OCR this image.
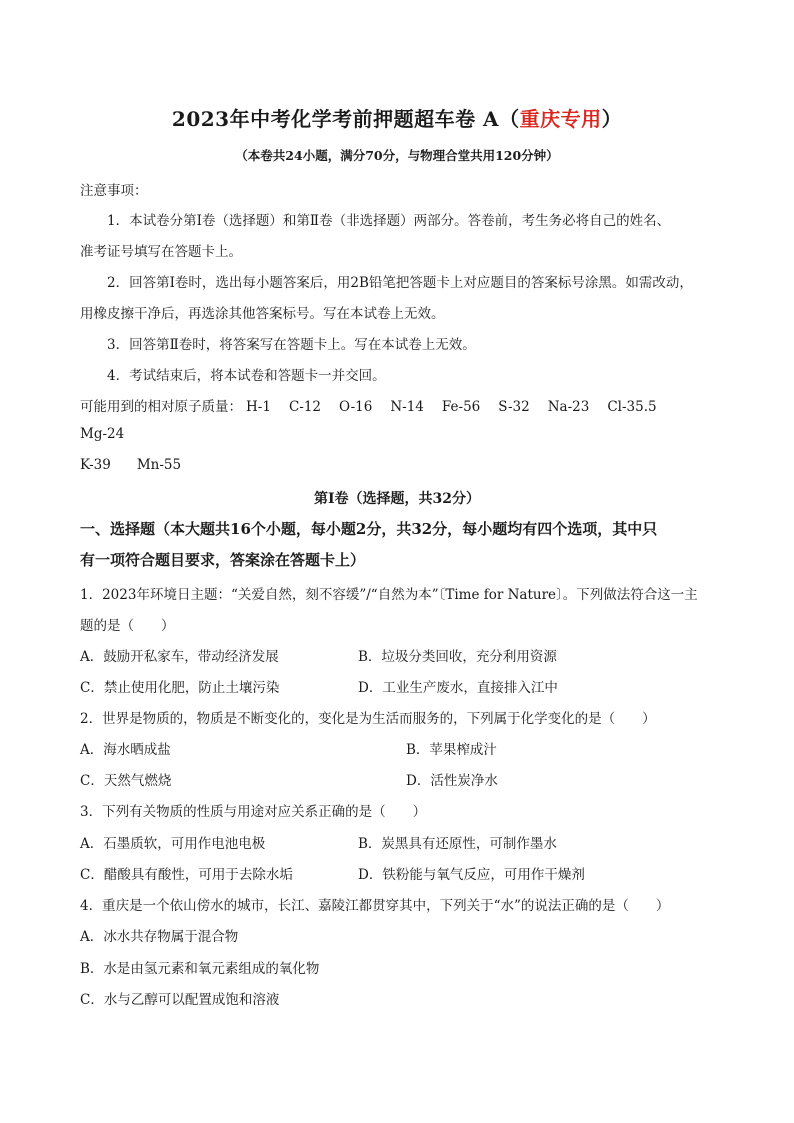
2023年中考化学考前押题超车卷 A（重庆专用）
（本卷共24小题，满分70分，与物理合堂共用120分钟）
注意事项：
1．本试卷分第Ⅰ卷（选择题）和第Ⅱ卷（非选择题）两部分。答卷前，考生务必将自己的姓名、
准考证号填写在答题卡上。
2．回答第Ⅰ卷时，选出每小题答案后，用2B铅笔把答题卡上对应题目的答案标号涂黑。如需改动，
用橡皮擦干净后，再选涂其他答案标号。写在本试卷上无效。
3．回答第Ⅱ卷时，将答案写在答题卡上。写在本试卷上无效。
4．考试结束后，将本试卷和答题卡一并交回。
可能用到的相对原子质量： H-1 C-12 O-16 N-14 Fe-56 S-32 Na-23 Cl-35.5
Mg-24
K-39 Mn-55
第Ⅰ卷（选择题，共32分）
一、选择题（本大题共16个小题，每小题2分，共32分，每小题均有四个选项，其中只
有一项符合题目要求，答案涂在答题卡上）
1．2023年环境日主题：“关爱自然，刻不容缓”/“自然为本”〔Time for Nature〕。下列做法符合这一主
题的是（　　）
A．鼓励开私家车，带动经济发展	B．垃圾分类回收，充分利用资源
C．禁止使用化肥，防止土壤污染	D．工业生产废水，直接排入江中
2．世界是物质的，物质是不断变化的，变化是为生活而服务的，下列属于化学变化的是（　　）
A．海水晒成盐	B．苹果榨成汁
C．天然气燃烧	D．活性炭净水
3．下列有关物质的性质与用途对应关系正确的是（　　）
A．石墨质软，可用作电池电极	B．炭黑具有还原性，可制作墨水
C．醋酸具有酸性，可用于去除水垢	D．铁粉能与氧气反应，可用作干燥剂
4．重庆是一个依山傍水的城市，长江、嘉陵江都贯穿其中，下列关于“水”的说法正确的是（　　）
A．冰水共存物属于混合物
B．水是由氢元素和氧元素组成的氧化物
C．水与乙醇可以配置成饱和溶液
